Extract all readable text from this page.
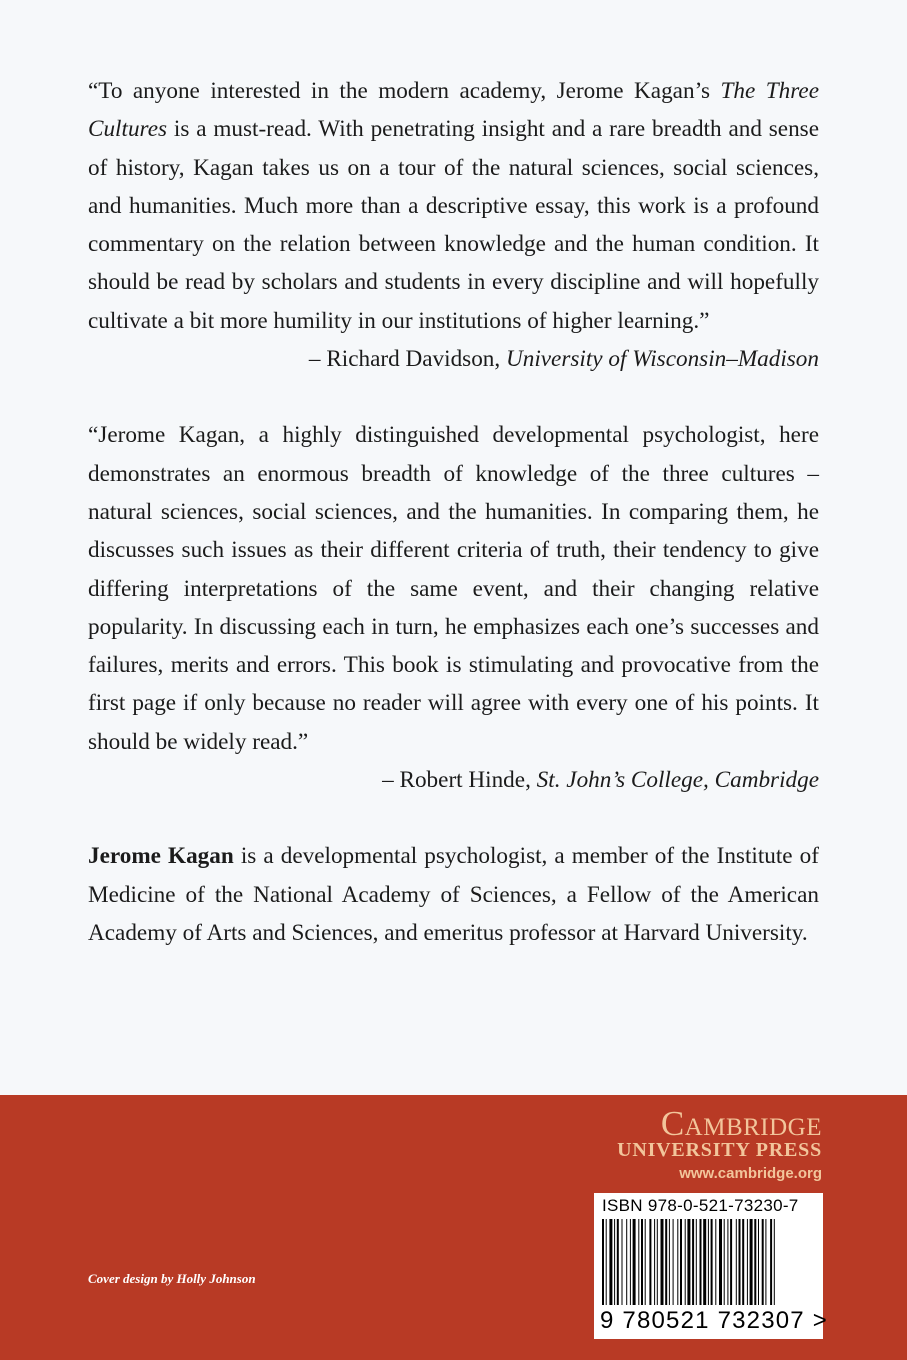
“To anyone interested in the modern academy, Jerome Kagan’s The Three Cultures is a must-read. With penetrating insight and a rare breadth and sense of history, Kagan takes us on a tour of the natural sciences, social sciences, and humanities. Much more than a descriptive essay, this work is a profound commentary on the relation between knowledge and the human condition. It should be read by scholars and students in every discipline and will hopefully cultivate a bit more humility in our institutions of higher learning.”

– Richard Davidson, University of Wisconsin–Madison

“Jerome Kagan, a highly distinguished developmental psychologist, here demonstrates an enormous breadth of knowledge of the three cultures – natural sciences, social sciences, and the humanities. In comparing them, he discusses such issues as their different criteria of truth, their tendency to give differing interpretations of the same event, and their changing relative popularity. In discussing each in turn, he emphasizes each one’s successes and failures, merits and errors. This book is stimulating and provocative from the first page if only because no reader will agree with every one of his points. It should be widely read.”

– Robert Hinde, St. John’s College, Cambridge

Jerome Kagan is a developmental psychologist, a member of the Institute of Medicine of the National Academy of Sciences, a Fellow of the American Academy of Arts and Sciences, and emeritus professor at Harvard University.

Cambridge
UNIVERSITY PRESS
www.cambridge.org
ISBN 978-0-521-73230-7
9 780521 732307 >
Cover design by Holly Johnson
